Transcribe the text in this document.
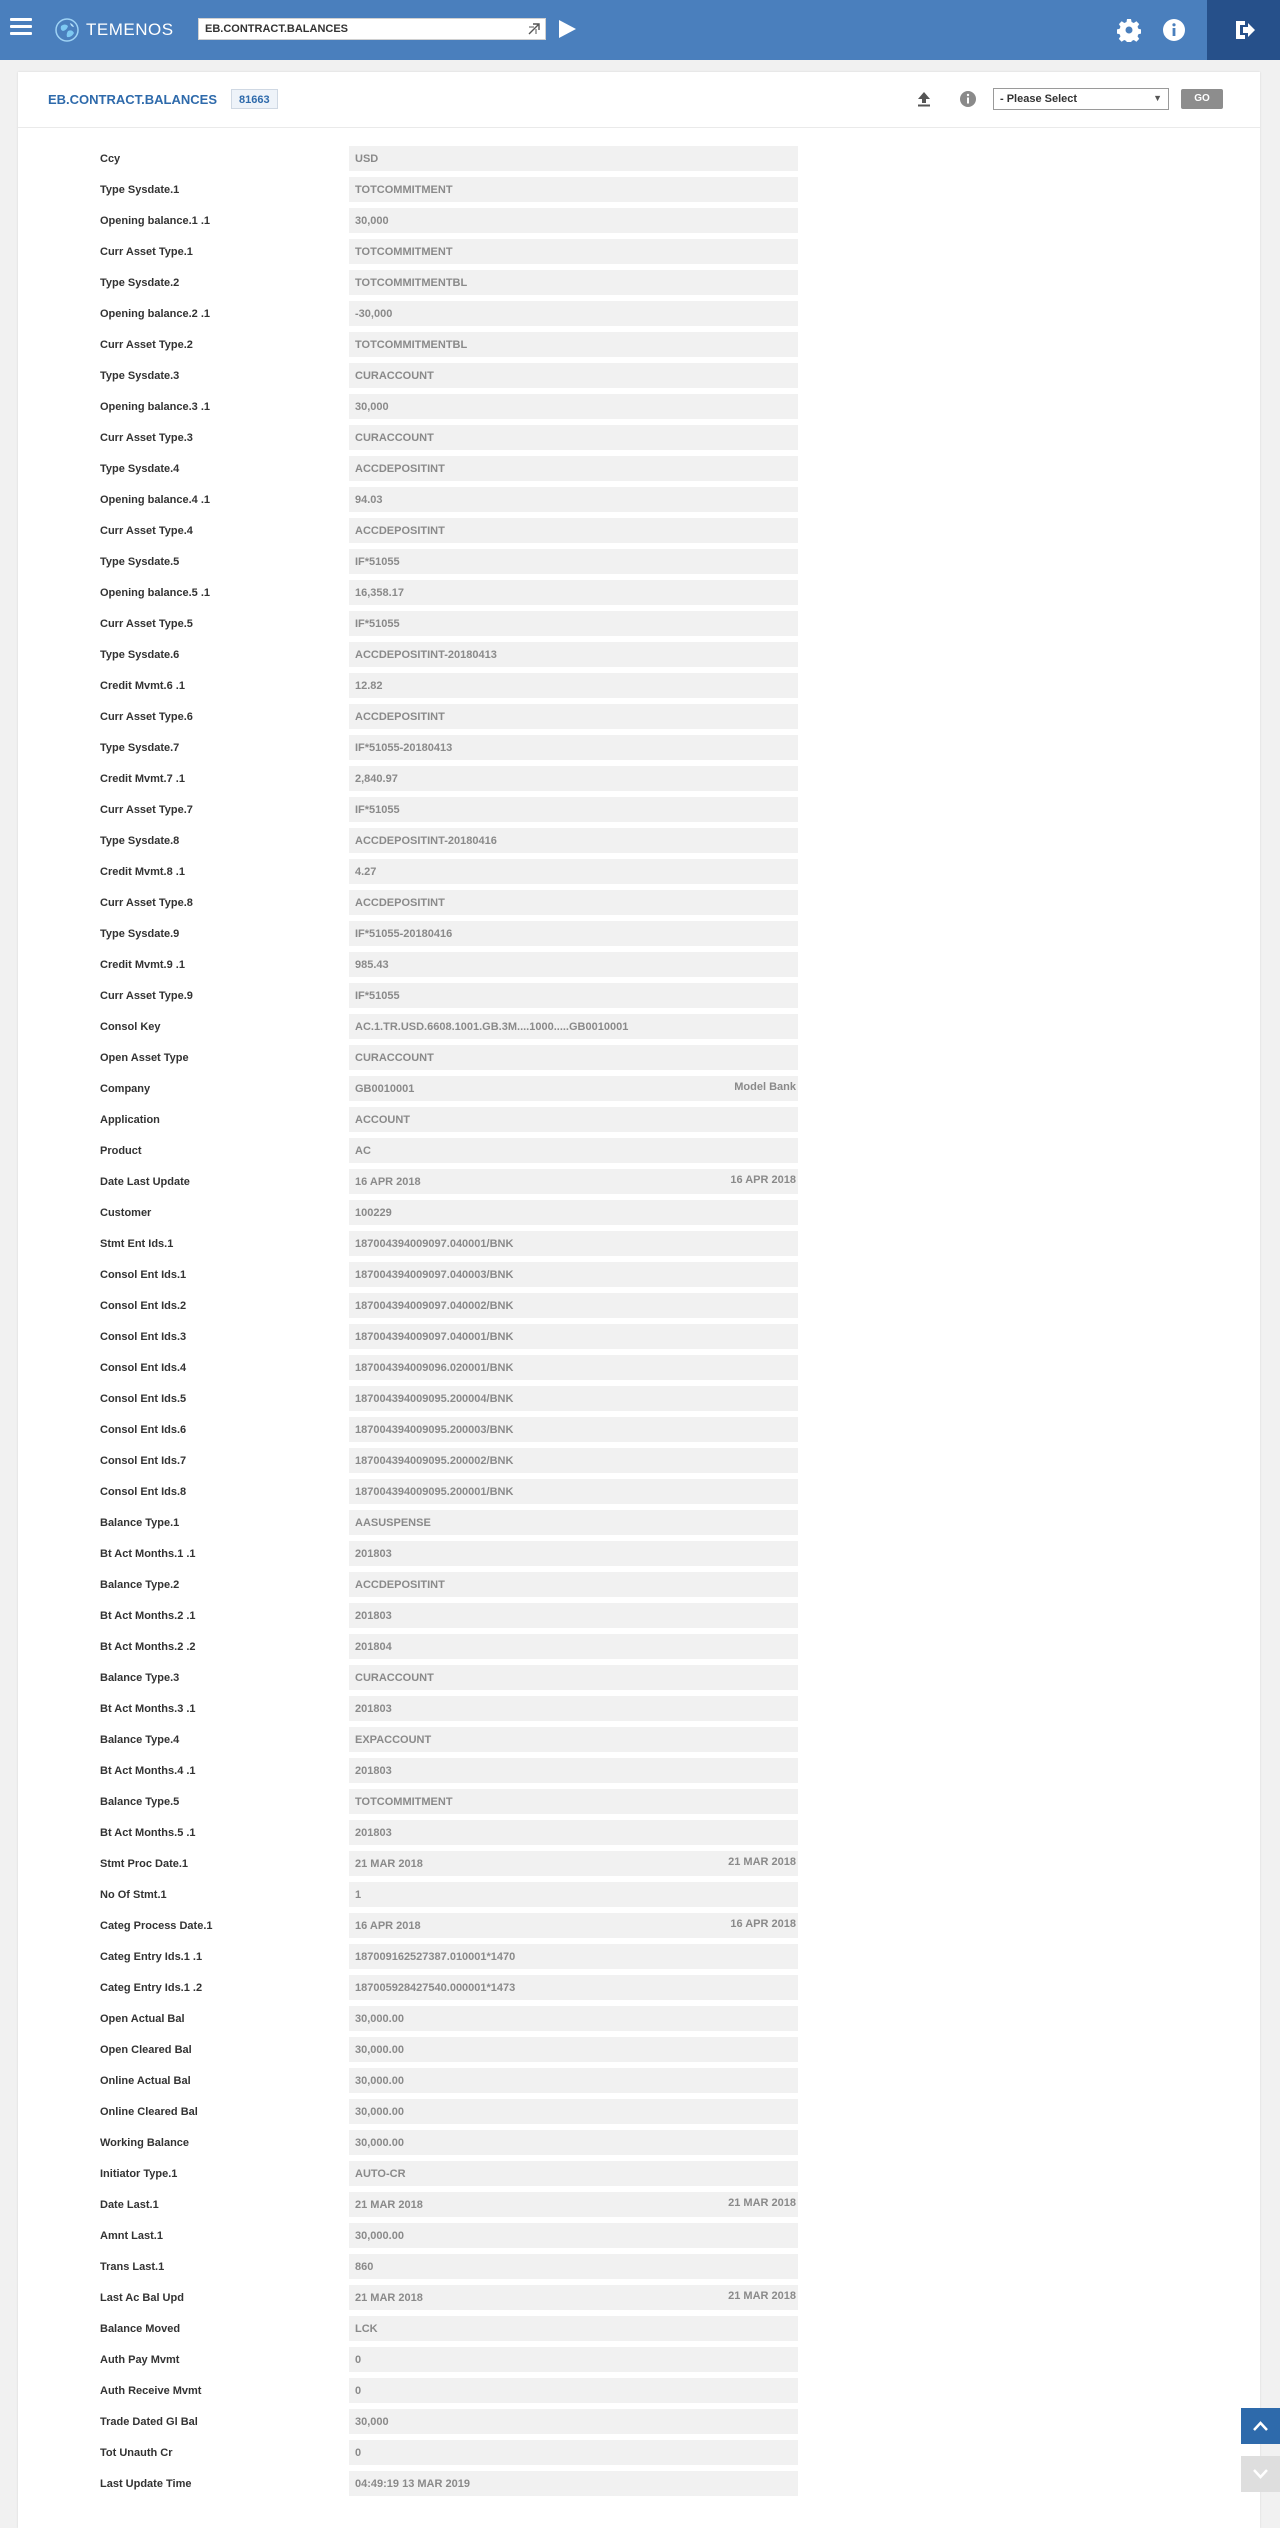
TEMENOS
EB.CONTRACT.BALANCES
EB.CONTRACT.BALANCES	81663	- Please Select	▼	GO
Ccy	USD
Type Sysdate.1	TOTCOMMITMENT
Opening balance.1 .1	30,000
Curr Asset Type.1	TOTCOMMITMENT
Type Sysdate.2	TOTCOMMITMENTBL
Opening balance.2 .1	-30,000
Curr Asset Type.2	TOTCOMMITMENTBL
Type Sysdate.3	CURACCOUNT
Opening balance.3 .1	30,000
Curr Asset Type.3	CURACCOUNT
Type Sysdate.4	ACCDEPOSITINT
Opening balance.4 .1	94.03
Curr Asset Type.4	ACCDEPOSITINT
Type Sysdate.5	IF*51055
Opening balance.5 .1	16,358.17
Curr Asset Type.5	IF*51055
Type Sysdate.6	ACCDEPOSITINT-20180413
Credit Mvmt.6 .1	12.82
Curr Asset Type.6	ACCDEPOSITINT
Type Sysdate.7	IF*51055-20180413
Credit Mvmt.7 .1	2,840.97
Curr Asset Type.7	IF*51055
Type Sysdate.8	ACCDEPOSITINT-20180416
Credit Mvmt.8 .1	4.27
Curr Asset Type.8	ACCDEPOSITINT
Type Sysdate.9	IF*51055-20180416
Credit Mvmt.9 .1	985.43
Curr Asset Type.9	IF*51055
Consol Key	AC.1.TR.USD.6608.1001.GB.3M....1000.....GB0010001
Open Asset Type	CURACCOUNT
Company	GB0010001	Model Bank
Application	ACCOUNT
Product	AC
Date Last Update	16 APR 2018	16 APR 2018
Customer	100229
Stmt Ent Ids.1	187004394009097.040001/BNK
Consol Ent Ids.1	187004394009097.040003/BNK
Consol Ent Ids.2	187004394009097.040002/BNK
Consol Ent Ids.3	187004394009097.040001/BNK
Consol Ent Ids.4	187004394009096.020001/BNK
Consol Ent Ids.5	187004394009095.200004/BNK
Consol Ent Ids.6	187004394009095.200003/BNK
Consol Ent Ids.7	187004394009095.200002/BNK
Consol Ent Ids.8	187004394009095.200001/BNK
Balance Type.1	AASUSPENSE
Bt Act Months.1 .1	201803
Balance Type.2	ACCDEPOSITINT
Bt Act Months.2 .1	201803
Bt Act Months.2 .2	201804
Balance Type.3	CURACCOUNT
Bt Act Months.3 .1	201803
Balance Type.4	EXPACCOUNT
Bt Act Months.4 .1	201803
Balance Type.5	TOTCOMMITMENT
Bt Act Months.5 .1	201803
Stmt Proc Date.1	21 MAR 2018	21 MAR 2018
No Of Stmt.1	1
Categ Process Date.1	16 APR 2018	16 APR 2018
Categ Entry Ids.1 .1	187009162527387.010001*1470
Categ Entry Ids.1 .2	187005928427540.000001*1473
Open Actual Bal	30,000.00
Open Cleared Bal	30,000.00
Online Actual Bal	30,000.00
Online Cleared Bal	30,000.00
Working Balance	30,000.00
Initiator Type.1	AUTO-CR
Date Last.1	21 MAR 2018	21 MAR 2018
Amnt Last.1	30,000.00
Trans Last.1	860
Last Ac Bal Upd	21 MAR 2018	21 MAR 2018
Balance Moved	LCK
Auth Pay Mvmt	0
Auth Receive Mvmt	0
Trade Dated Gl Bal	30,000
Tot Unauth Cr	0
Last Update Time	04:49:19 13 MAR 2019
